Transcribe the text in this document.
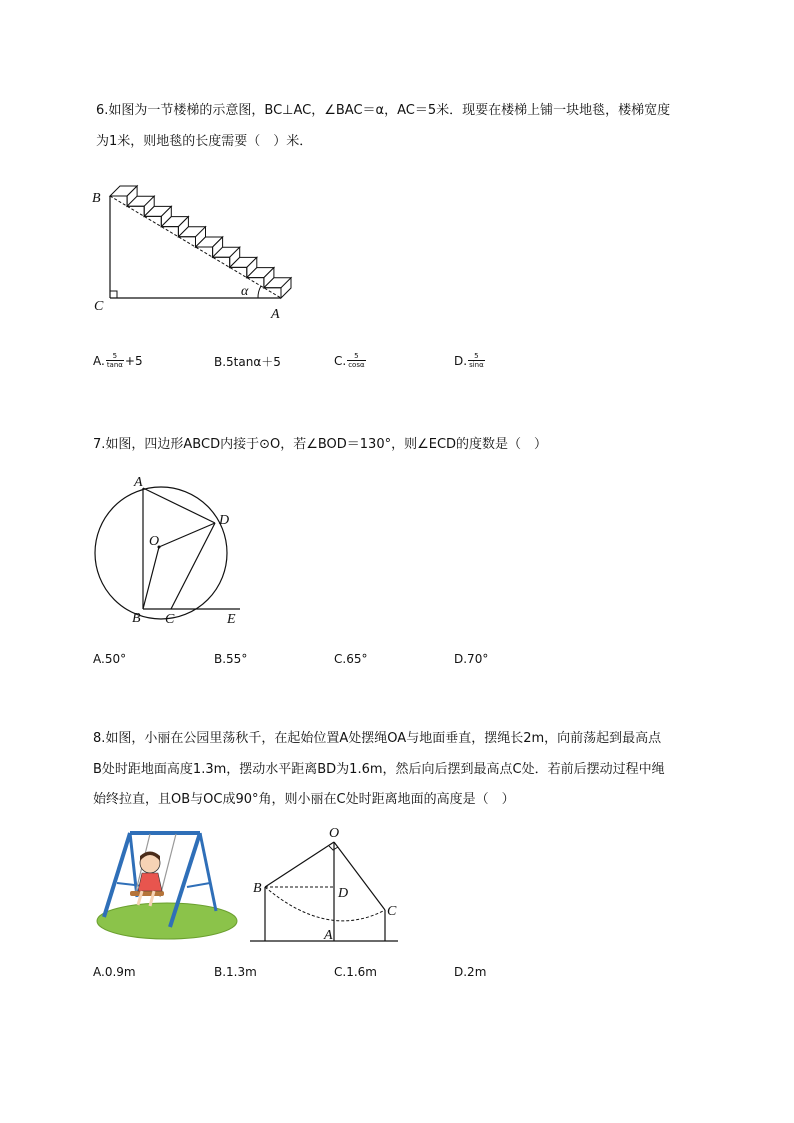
6.如图为一节楼梯的示意图，BC⊥AC，∠BAC＝α，AC＝5米．现要在楼梯上铺一块地毯，楼梯宽度
为1米，则地毯的长度需要（　）米．
B
C
A
α
A. $\frac{5}{\tan\alpha} +5$	B.5tanα＋5	C. $\frac{5}{\cos\alpha}$	D. $\frac{5}{\sin\alpha}$
7.如图，四边形ABCD内接于⊙O，若∠BOD＝130°，则∠ECD的度数是（　）
A
D
O
B C	E
A.50°	B.55°	C.65°	D.70°
8.如图，小丽在公园里荡秋千，在起始位置A处摆绳OA与地面垂直，摆绳长2m，向前荡起到最高点
B处时距地面高度1.3m，摆动水平距离BD为1.6m，然后向后摆到最高点C处．若前后摆动过程中绳
始终拉直，且OB与OC成90°角，则小丽在C处时距离地面的高度是（　）
O
B	D
C
A
A.0.9m	B.1.3m	C.1.6m	D.2m
